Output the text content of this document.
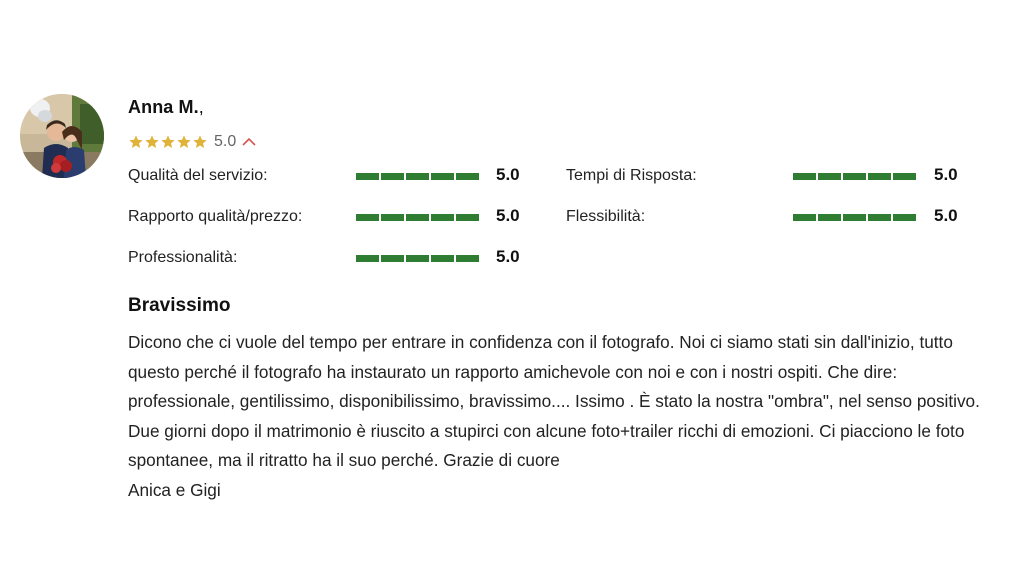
Anna M.,
5.0
Qualità del servizio:	5.0	Tempi di Risposta:	5.0
Rapporto qualità/prezzo:	5.0	Flessibilità:	5.0
Professionalità:	5.0
Bravissimo
Dicono che ci vuole del tempo per entrare in confidenza con il fotografo. Noi ci siamo stati sin dall'inizio, tutto questo perché il fotografo ha instaurato un rapporto amichevole con noi e con i nostri ospiti. Che dire: professionale, gentilissimo, disponibilissimo, bravissimo.... Issimo . È stato la nostra "ombra", nel senso positivo. Due giorni dopo il matrimonio è riuscito a stupirci con alcune foto+trailer ricchi di emozioni. Ci piacciono le foto spontanee, ma il ritratto ha il suo perché. Grazie di cuore
Anica e Gigi
